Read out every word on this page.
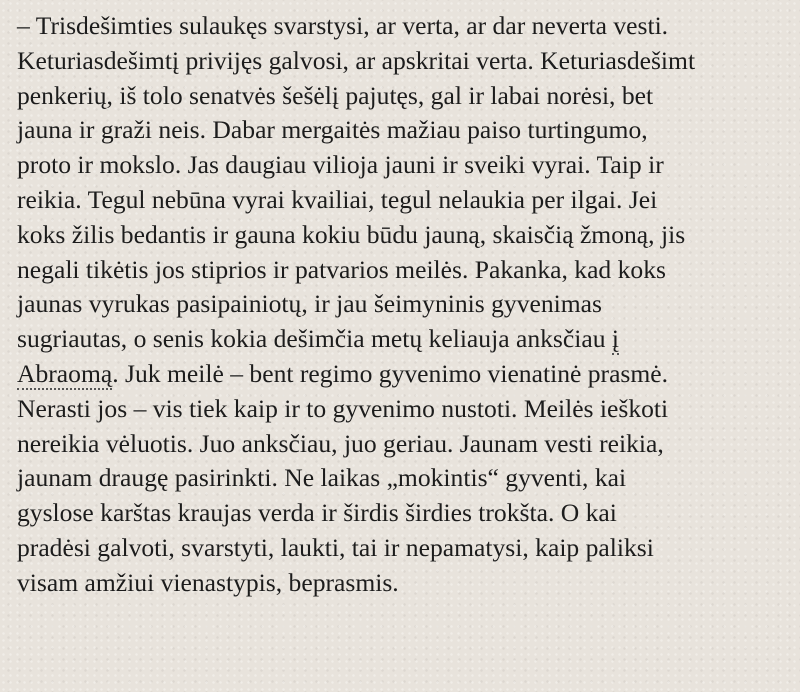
– Trisdešimties sulaukęs svarstysi, ar verta, ar dar neverta vesti.
Keturiasdešimtį privijęs galvosi, ar apskritai verta. Keturiasdešimt
penkerių, iš tolo senatvės šešėlį pajutęs, gal ir labai norėsi, bet
jauna ir graži neis. Dabar mergaitės mažiau paiso turtingumo,
proto ir mokslo. Jas daugiau vilioja jauni ir sveiki vyrai. Taip ir
reikia. Tegul nebūna vyrai kvailiai, tegul nelaukia per ilgai. Jei
koks žilis bedantis ir gauna kokiu būdu jauną, skaisčią žmoną, jis
negali tikėtis jos stiprios ir patvarios meilės. Pakanka, kad koks
jaunas vyrukas pasipainiotų, ir jau šeimyninis gyvenimas
sugriautas, o senis kokia dešimčia metų keliauja anksčiau į
Abraomą. Juk meilė – bent regimo gyvenimo vienatinė prasmė.
Nerasti jos – vis tiek kaip ir to gyvenimo nustoti. Meilės ieškoti
nereikia vėluotis. Juo anksčiau, juo geriau. Jaunam vesti reikia,
jaunam draugę pasirinkti. Ne laikas „mokintis“ gyventi, kai
gyslose karštas kraujas verda ir širdis širdies trokšta. O kai
pradėsi galvoti, svarstyti, laukti, tai ir nepamatysi, kaip paliksi
visam amžiui vienastypis, beprasmis.
